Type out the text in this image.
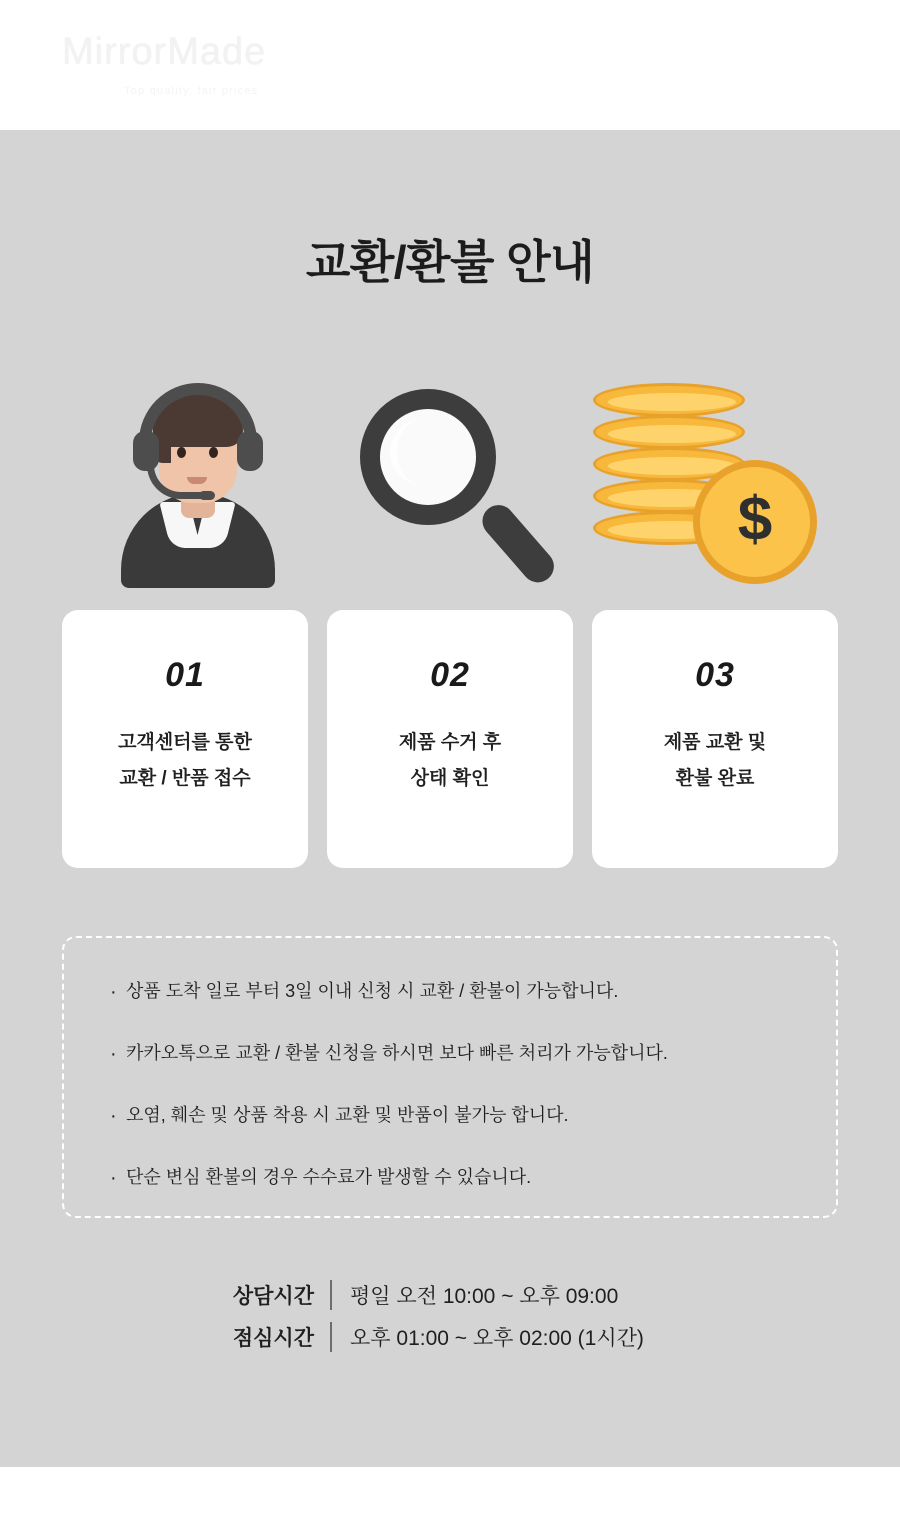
MirrorMade
Top quality, fair prices
교환/환불 안내
$
01
고객센터를 통한
교환 / 반품 접수
02
제품 수거 후
상태 확인
03
제품 교환 및
환불 완료
· 상품 도착 일로 부터 3일 이내 신청 시 교환 / 환불이 가능합니다.
· 카카오톡으로 교환 / 환불 신청을 하시면 보다 빠른 처리가 가능합니다.
· 오염, 훼손 및 상품 착용 시 교환 및 반품이 불가능 합니다.
· 단순 변심 환불의 경우 수수료가 발생할 수 있습니다.
상담시간	평일 오전 10:00 ~ 오후 09:00
점심시간	오후 01:00 ~ 오후 02:00 (1시간)
